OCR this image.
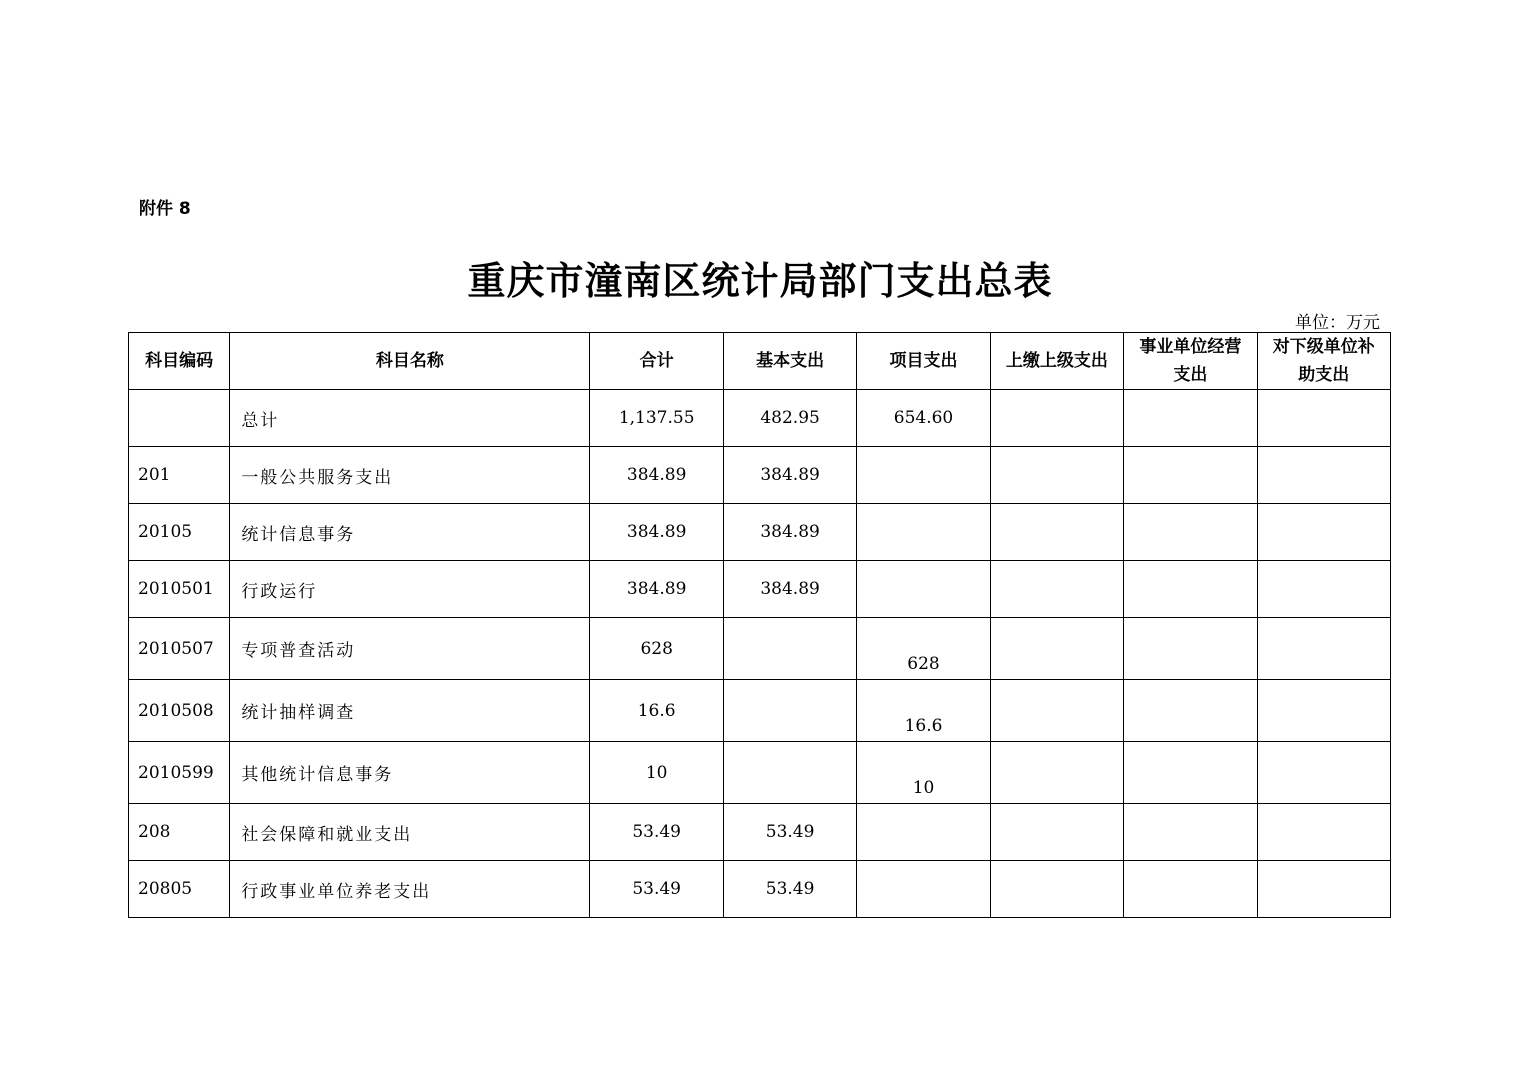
附件 8
重庆市潼南区统计局部门支出总表
单位：万元
科目编码	科目名称	合计	基本支出	项目支出	上缴上级支出	事业单位经营支出	对下级单位补助支出
	总计	1,137.55	482.95	654.60			
201	一般公共服务支出	384.89	384.89				
20105	统计信息事务	384.89	384.89				
2010501	行政运行	384.89	384.89				
2010507	专项普查活动	628		628			
2010508	统计抽样调查	16.6		16.6			
2010599	其他统计信息事务	10		10			
208	社会保障和就业支出	53.49	53.49				
20805	行政事业单位养老支出	53.49	53.49				
